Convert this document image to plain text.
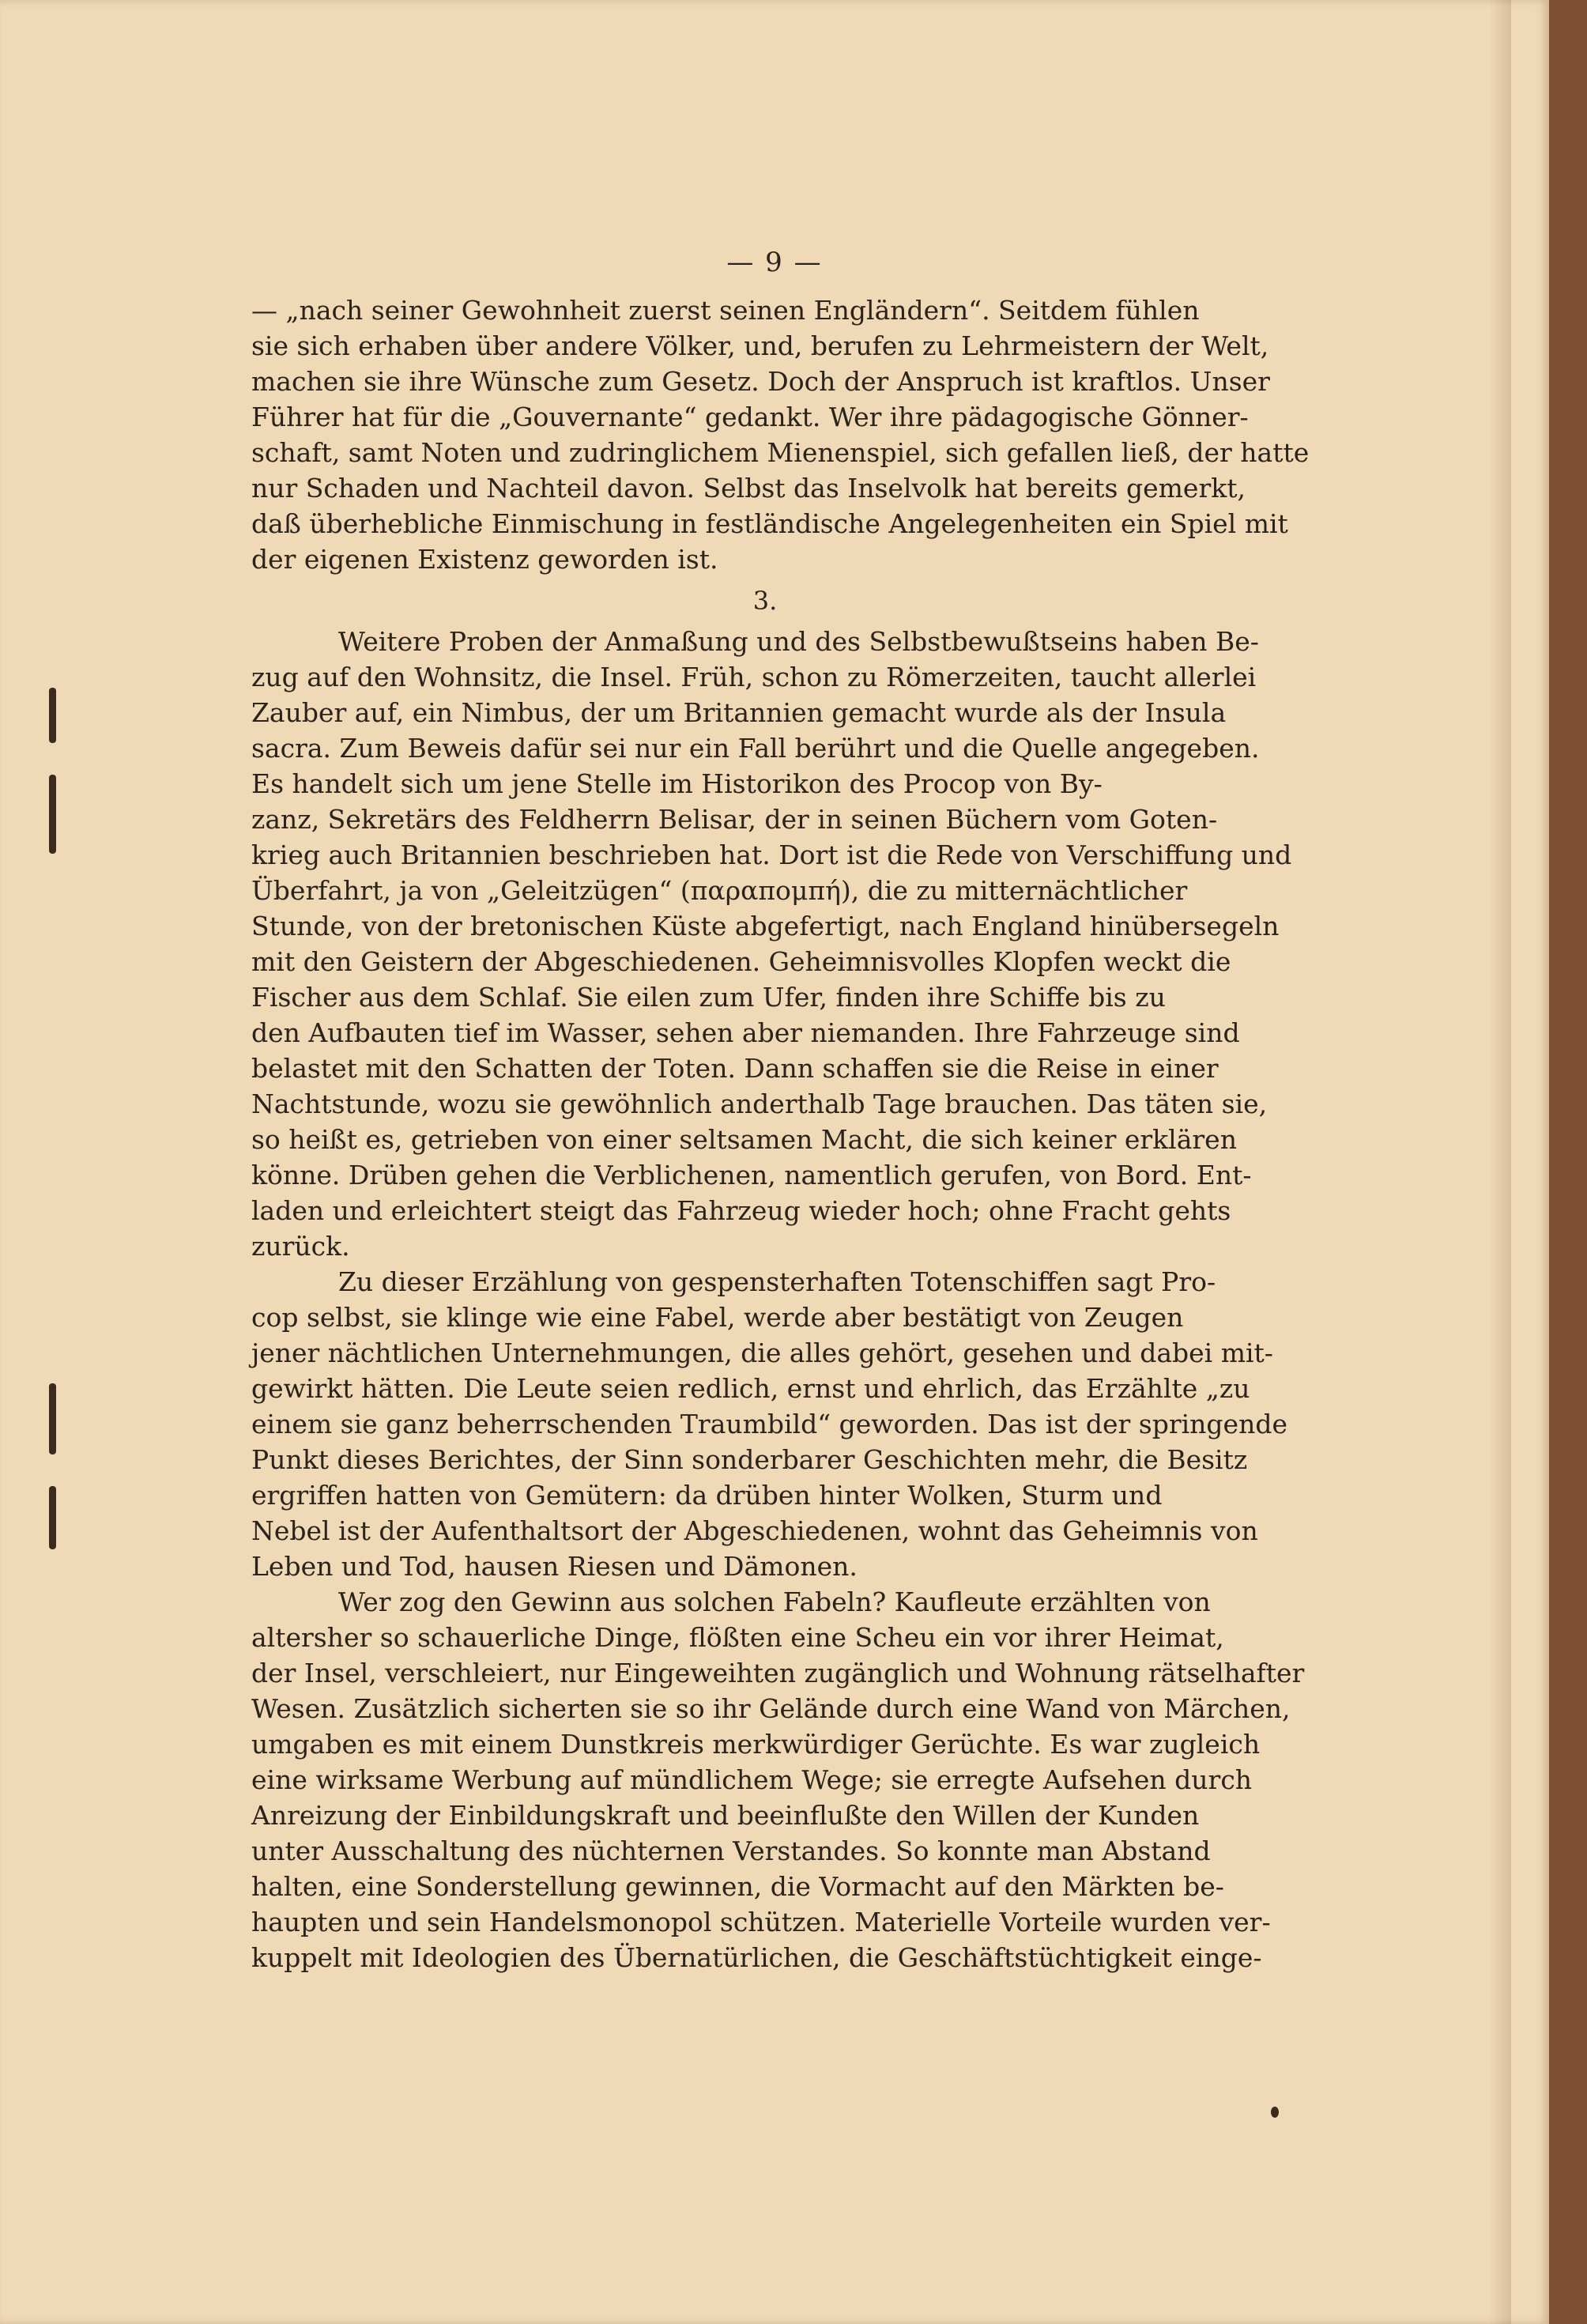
— 9 —
— „nach seiner Gewohnheit zuerst seinen Engländern“. Seitdem fühlen
sie sich erhaben über andere Völker, und, berufen zu Lehrmeistern der Welt,
machen sie ihre Wünsche zum Gesetz. Doch der Anspruch ist kraftlos. Unser
Führer hat für die „Gouvernante“ gedankt. Wer ihre pädagogische Gönner-
schaft, samt Noten und zudringlichem Mienenspiel, sich gefallen ließ, der hatte
nur Schaden und Nachteil davon. Selbst das Inselvolk hat bereits gemerkt,
daß überhebliche Einmischung in festländische Angelegenheiten ein Spiel mit
der eigenen Existenz geworden ist.
3.
Weitere Proben der Anmaßung und des Selbstbewußtseins haben Be-
zug auf den Wohnsitz, die Insel. Früh, schon zu Römerzeiten, taucht allerlei
Zauber auf, ein Nimbus, der um Britannien gemacht wurde als der Insula
sacra. Zum Beweis dafür sei nur ein Fall berührt und die Quelle angegeben.
Es handelt sich um jene Stelle im Historikon des Procop von By-
zanz, Sekretärs des Feldherrn Belisar, der in seinen Büchern vom Goten-
krieg auch Britannien beschrieben hat. Dort ist die Rede von Verschiffung und
Überfahrt, ja von „Geleitzügen“ (παραπομπή), die zu mitternächtlicher
Stunde, von der bretonischen Küste abgefertigt, nach England hinübersegeln
mit den Geistern der Abgeschiedenen. Geheimnisvolles Klopfen weckt die
Fischer aus dem Schlaf. Sie eilen zum Ufer, finden ihre Schiffe bis zu
den Aufbauten tief im Wasser, sehen aber niemanden. Ihre Fahrzeuge sind
belastet mit den Schatten der Toten. Dann schaffen sie die Reise in einer
Nachtstunde, wozu sie gewöhnlich anderthalb Tage brauchen. Das täten sie,
so heißt es, getrieben von einer seltsamen Macht, die sich keiner erklären
könne. Drüben gehen die Verblichenen, namentlich gerufen, von Bord. Ent-
laden und erleichtert steigt das Fahrzeug wieder hoch; ohne Fracht gehts
zurück.
Zu dieser Erzählung von gespensterhaften Totenschiffen sagt Pro-
cop selbst, sie klinge wie eine Fabel, werde aber bestätigt von Zeugen
jener nächtlichen Unternehmungen, die alles gehört, gesehen und dabei mit-
gewirkt hätten. Die Leute seien redlich, ernst und ehrlich, das Erzählte „zu
einem sie ganz beherrschenden Traumbild“ geworden. Das ist der springende
Punkt dieses Berichtes, der Sinn sonderbarer Geschichten mehr, die Besitz
ergriffen hatten von Gemütern: da drüben hinter Wolken, Sturm und
Nebel ist der Aufenthaltsort der Abgeschiedenen, wohnt das Geheimnis von
Leben und Tod, hausen Riesen und Dämonen.
Wer zog den Gewinn aus solchen Fabeln? Kaufleute erzählten von
altersher so schauerliche Dinge, flößten eine Scheu ein vor ihrer Heimat,
der Insel, verschleiert, nur Eingeweihten zugänglich und Wohnung rätselhafter
Wesen. Zusätzlich sicherten sie so ihr Gelände durch eine Wand von Märchen,
umgaben es mit einem Dunstkreis merkwürdiger Gerüchte. Es war zugleich
eine wirksame Werbung auf mündlichem Wege; sie erregte Aufsehen durch
Anreizung der Einbildungskraft und beeinflußte den Willen der Kunden
unter Ausschaltung des nüchternen Verstandes. So konnte man Abstand
halten, eine Sonderstellung gewinnen, die Vormacht auf den Märkten be-
haupten und sein Handelsmonopol schützen. Materielle Vorteile wurden ver-
kuppelt mit Ideologien des Übernatürlichen, die Geschäftstüchtigkeit einge-
